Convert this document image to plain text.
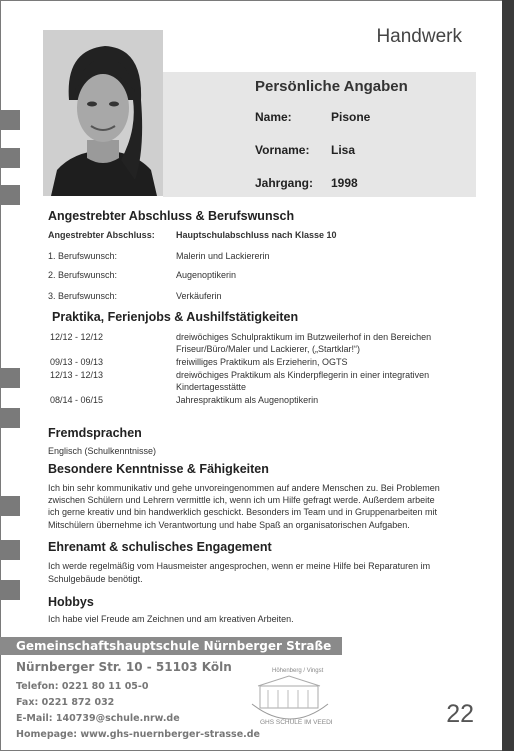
Handwerk
Persönliche Angaben
Name:	Pisone
Vorname: Lisa
Jahrgang: 1998
Angestrebter Abschluss & Berufswunsch
Angestrebter Abschluss: Hauptschulabschluss nach Klasse 10
1. Berufswunsch:	Malerin und Lackiererin
2. Berufswunsch:	Augenoptikerin
3. Berufswunsch:	Verkäuferin
Praktika, Ferienjobs & Aushilfstätigkeiten
12/12 - 12/12	dreiwöchiges Schulpraktikum im Butzweilerhof in den Bereichen
Friseur/Büro/Maler und Lackierer, („Startklar!“)
09/13 - 09/13	freiwilliges Praktikum als Erzieherin, OGTS
12/13 - 12/13	dreiwöchiges Praktikum als Kinderpflegerin in einer integrativen
Kindertagesstätte
08/14 - 06/15	Jahrespraktikum als Augenoptikerin
Fremdsprachen
Englisch (Schulkenntnisse)
Besondere Kenntnisse & Fähigkeiten
Ich bin sehr kommunikativ und gehe unvoreingenommen auf andere Menschen zu. Bei Problemen
zwischen Schülern und Lehrern vermittle ich, wenn ich um Hilfe gefragt werde. Außerdem arbeite
ich gerne kreativ und bin handwerklich geschickt. Besonders im Team und in Gruppenarbeiten mit
Mitschülern übernehme ich Verantwortung und habe Spaß an organisatorischen Aufgaben.
Ehrenamt & schulisches Engagement
Ich werde regelmäßig vom Hausmeister angesprochen, wenn er meine Hilfe bei Reparaturen im
Schulgebäude benötigt.
Hobbys
Ich habe viel Freude am Zeichnen und am kreativen Arbeiten.
Gemeinschaftshauptschule Nürnberger Straße
Nürnberger Str. 10 - 51103 Köln
Telefon: 0221 80 11 05-0
Fax: 0221 872 032
E-Mail: 140739@schule.nrw.de
Homepage: www.ghs-nuernberger-strasse.de
Höhenberg / Vingst
GHS SCHULE IM VEEDEL	22
